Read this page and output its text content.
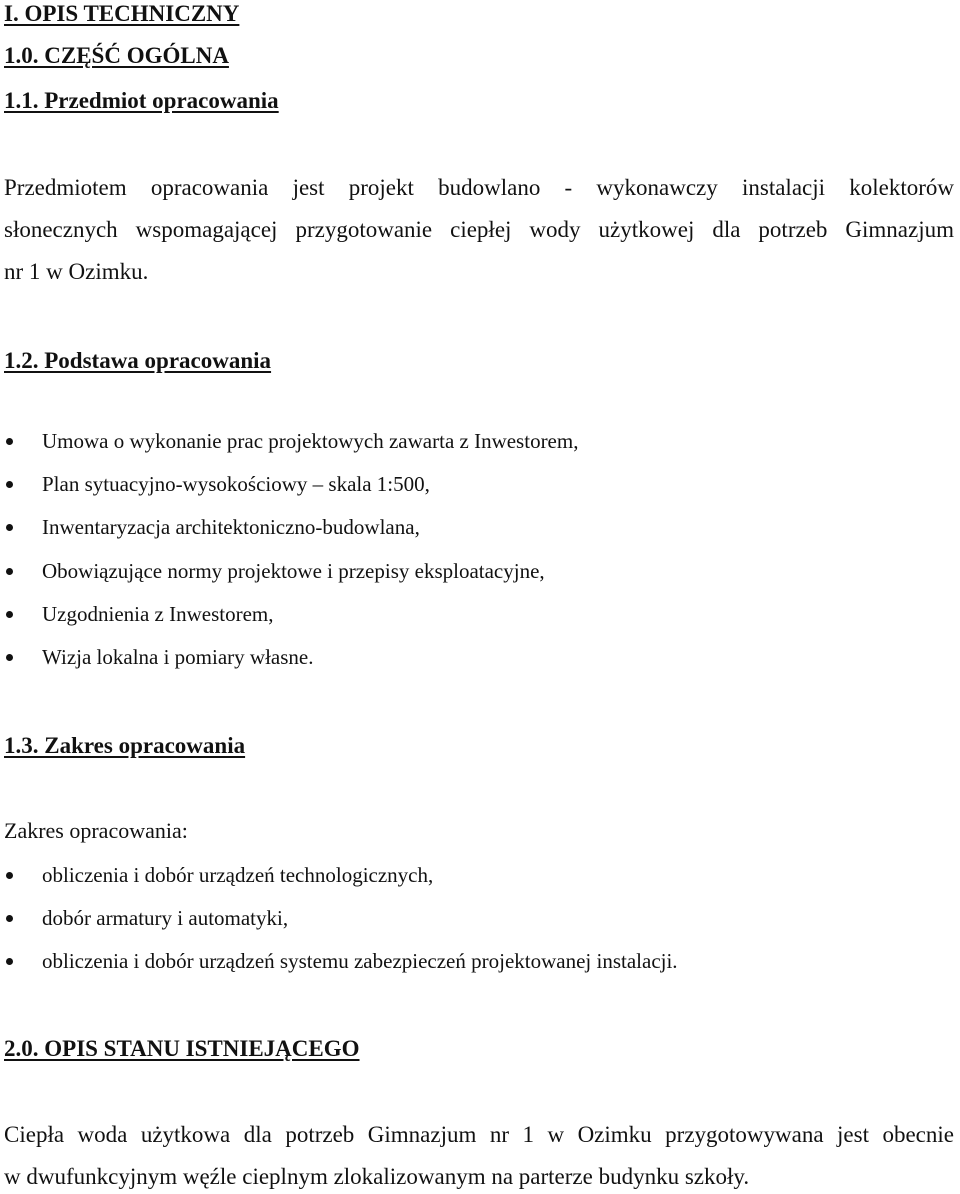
I. OPIS TECHNICZNY
1.0. CZĘŚĆ OGÓLNA
1.1. Przedmiot opracowania
Przedmiotem opracowania jest projekt budowlano - wykonawczy instalacji kolektorów
słonecznych wspomagającej przygotowanie ciepłej wody użytkowej dla potrzeb Gimnazjum
nr 1 w Ozimku.
1.2. Podstawa opracowania
Umowa o wykonanie prac projektowych zawarta z Inwestorem,
Plan sytuacyjno-wysokościowy – skala 1:500,
Inwentaryzacja architektoniczno-budowlana,
Obowiązujące normy projektowe i przepisy eksploatacyjne,
Uzgodnienia z Inwestorem,
Wizja lokalna i pomiary własne.
1.3. Zakres opracowania
Zakres opracowania:
obliczenia i dobór urządzeń technologicznych,
dobór armatury i automatyki,
obliczenia i dobór urządzeń systemu zabezpieczeń projektowanej instalacji.
2.0. OPIS STANU ISTNIEJĄCEGO
Ciepła woda użytkowa dla potrzeb Gimnazjum nr 1 w Ozimku przygotowywana jest obecnie
w dwufunkcyjnym węźle cieplnym zlokalizowanym na parterze budynku szkoły.
